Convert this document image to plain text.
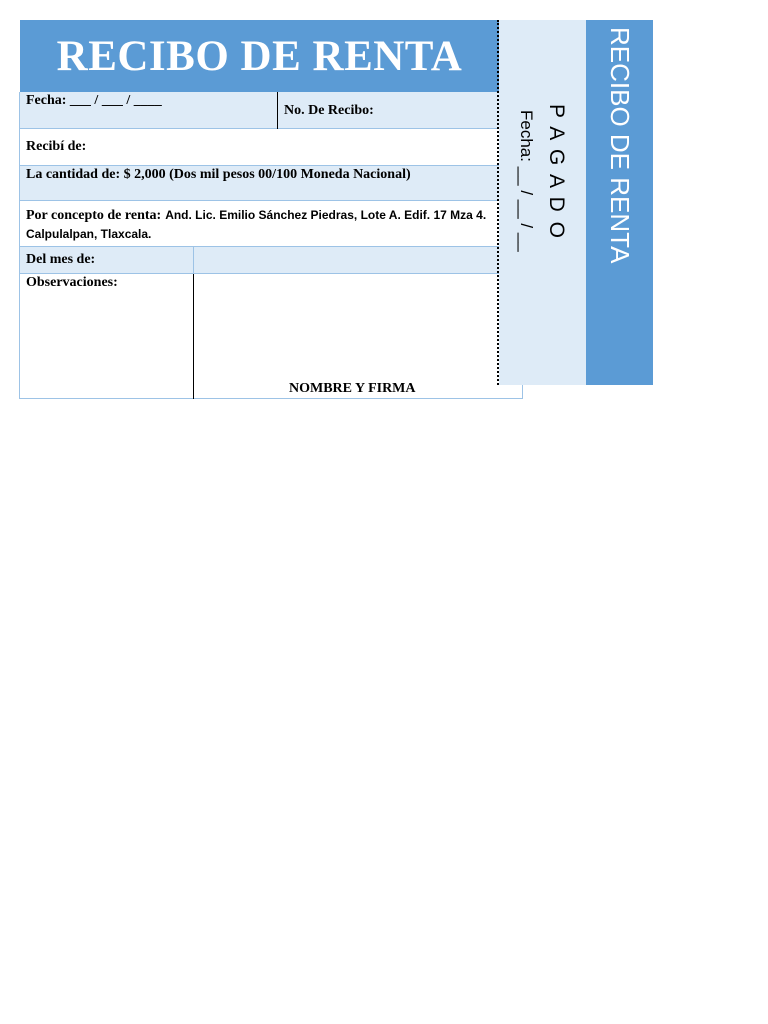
RECIBO DE RENTA
Fecha: ___ / ___ / ____
No. De Recibo:
Recibí de:
La cantidad de: $ 2,000 (Dos mil pesos 00/100 Moneda Nacional)
Por concepto de renta: And. Lic. Emilio Sánchez Piedras, Lote A. Edif. 17 Mza 4.
Calpulalpan, Tlaxcala.
Del mes de:
Observaciones:
NOMBRE Y FIRMA
P A G A D O
Fecha: __ / __ / __	RECIBO DE RENTA
